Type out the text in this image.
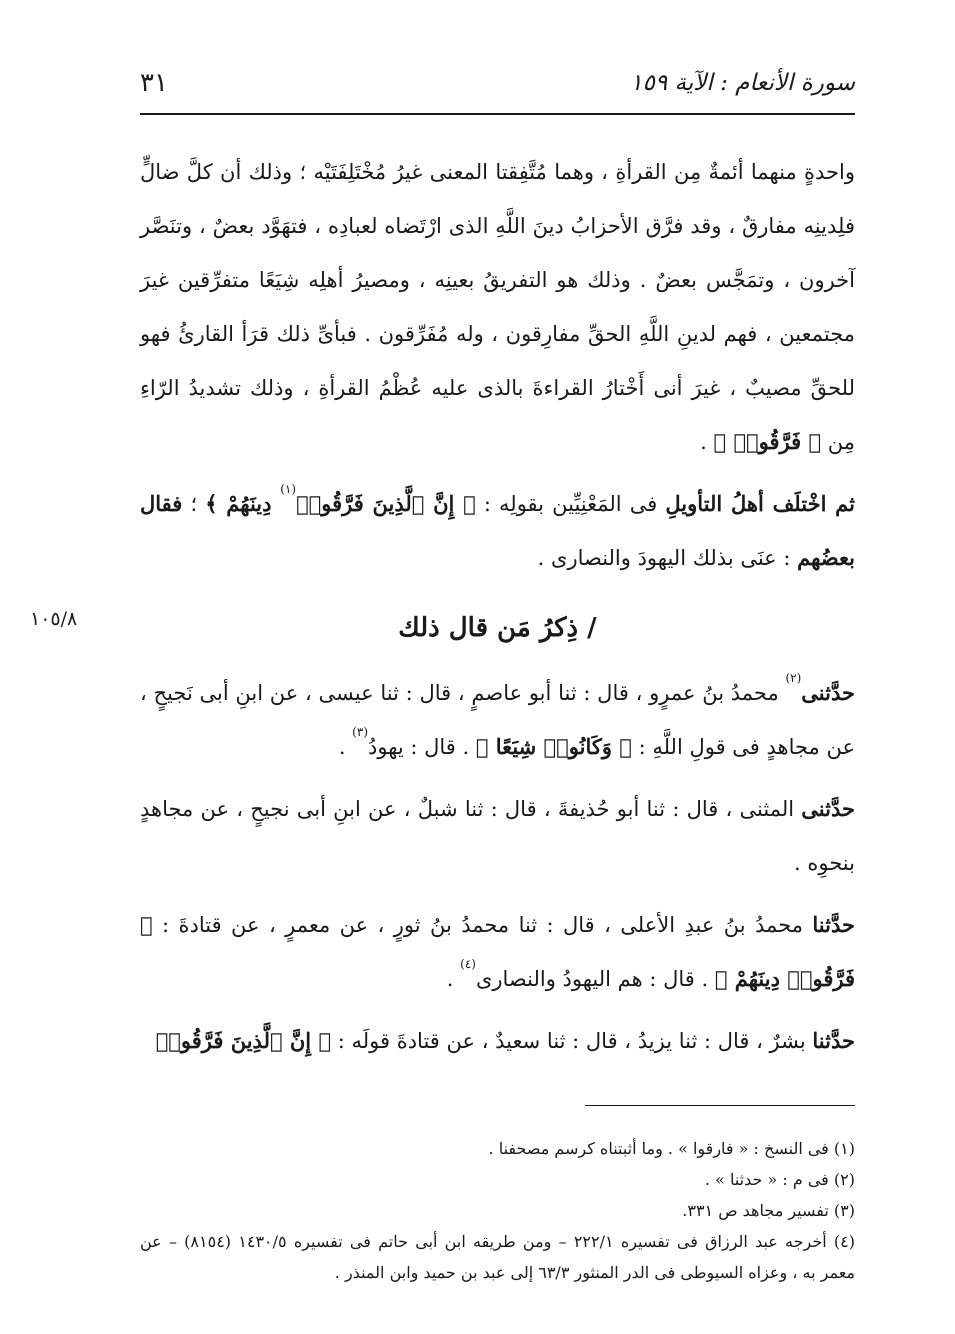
سورة الأنعام : الآية ١٥٩
٣١

واحدةٍ منهما أئمةٌ مِن القرأةِ ، وهما مُتَّفِقتا المعنى غيرُ مُخْتَلِفَتَيْه ؛ وذلك أن كلَّ ضالٍّ فلِدينِه مفارقٌ ، وقد فرَّق الأحزابُ دينَ اللَّهِ الذى ارْتَضاه لعبادِه ، فتهَوَّد بعضٌ ، وتنَصَّر آخرون ، وتمَجَّس بعضٌ . وذلك هو التفريقُ بعينِه ، ومصيرُ أهلِه شِيَعًا متفرِّقين غيرَ مجتمعين ، فهم لدينِ اللَّهِ الحقِّ مفارِقون ، وله مُفَرِّقون . فبأىِّ ذلك قرَأ القارئُ فهو للحقِّ مصيبٌ ، غيرَ أنى أَخْتارُ القراءةَ بالذى عليه عُظْمُ القرأةِ ، وذلك تشديدُ الرّاءِ مِن ﴿ فَرَّقُوا۟ ﴾ .

ثم اخْتلَف أهلُ التأويلِ فى المَعْنِيِّين بقولِه : ﴿ إِنَّ ٱلَّذِينَ فَرَّقُوا۟$^{(١)}$ دِينَهُمْ ﴾ ؛ فقال بعضُهم : عنَى بذلك اليهودَ والنصارى .

/ ذِكرُ مَن قال ذلك
١٠٥/٨

حدَّثنى$^{(٢)}$ محمدُ بنُ عمرٍو ، قال : ثنا أبو عاصمٍ ، قال : ثنا عيسى ، عن ابنِ أبى نَجيحٍ ، عن مجاهدٍ فى قولِ اللَّهِ : ﴿ وَكَانُوا۟ شِيَعًا ﴾ . قال : يهودُ$^{(٣)}$ .

حدَّثنى المثنى ، قال : ثنا أبو حُذيفةَ ، قال : ثنا شبلٌ ، عن ابنِ أبى نجيحٍ ، عن مجاهدٍ بنحوِه .

حدَّثنا محمدُ بنُ عبدِ الأعلى ، قال : ثنا محمدُ بنُ ثورٍ ، عن معمرٍ ، عن قتادةَ : ﴿ فَرَّقُوا۟ دِينَهُمْ ﴾ . قال : هم اليهودُ والنصارى$^{(٤)}$ .

حدَّثنا بشرٌ ، قال : ثنا يزيدُ ، قال : ثنا سعيدٌ ، عن قتادةَ قولَه : ﴿ إِنَّ ٱلَّذِينَ فَرَّقُوا۟

(١) فى النسخ : « فارقوا » . وما أثبتناه كرسم مصحفنا .

(٢) فى م : « حدثنا » .

(٣) تفسير مجاهد ص ٣٣١.

(٤) أخرجه عبد الرزاق فى تفسيره ٢٢٢/١ – ومن طريقه ابن أبى حاتم فى تفسيره ١٤٣٠/٥ (٨١٥٤) – عن معمر به ، وعزاه السيوطى فى الدر المنثور ٦٣/٣ إلى عبد بن حميد وابن المنذر .
